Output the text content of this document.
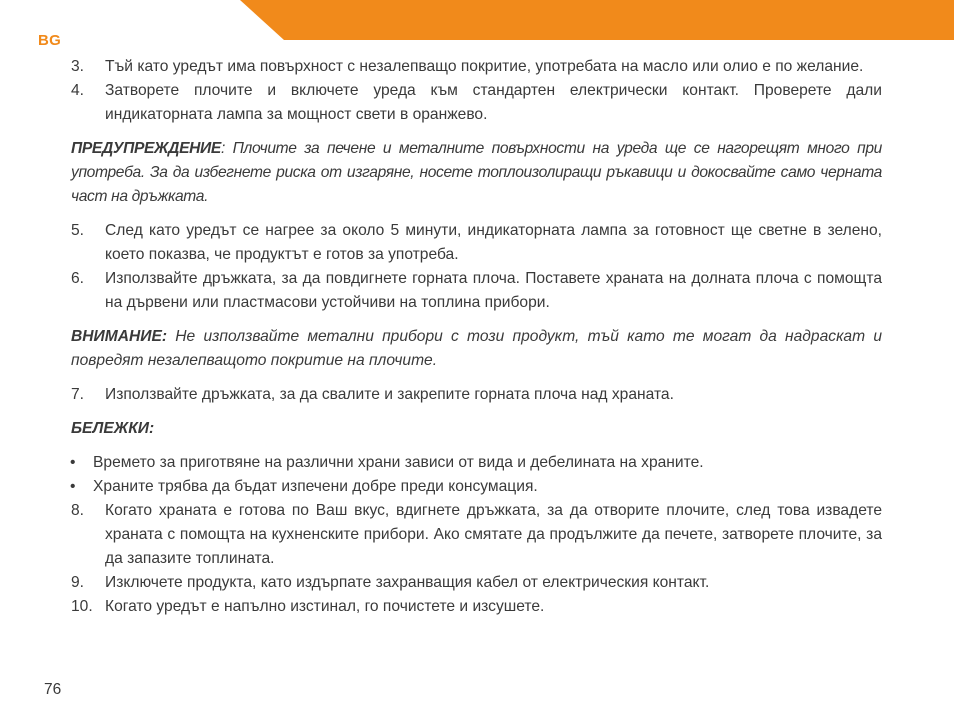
BG
3.	Тъй като уредът има повърхност с незалепващо покритие, употребата на масло или олио е по желание.
4.	Затворете плочите и включете уреда към стандартен електрически контакт. Проверете дали индикаторната лампа за мощност свети в оранжево.
ПРЕДУПРЕЖДЕНИЕ: Плочите за печене и металните повърхности на уреда ще се нагорещят много при употреба. За да избегнете риска от изгаряне, носете топлоизолиращи ръкавици и докосвайте само черната част на дръжката.
5.	След като уредът се нагрее за около 5 минути, индикаторната лампа за готовност ще светне в зелено, което показва, че продуктът е готов за употреба.
6.	Използвайте дръжката, за да повдигнете горната плоча. Поставете храната на долната плоча с помощта на дървени или пластмасови устойчиви на топлина прибори.
ВНИМАНИЕ: Не използвайте метални прибори с този продукт, тъй като те могат да надраскат и повредят незалепващото покритие на плочите.
7.	Използвайте дръжката, за да свалите и закрепите горната плоча над храната.
БЕЛЕЖКИ:
•	Времето за приготвяне на различни храни зависи от вида и дебелината на храните.
•	Храните трябва да бъдат изпечени добре преди консумация.
8.	Когато храната е готова по Ваш вкус, вдигнете дръжката, за да отворите плочите, след това извадете храната с помощта на кухненските прибори. Ако смятате да продължите да печете, затворете плочите, за да запазите топлината.
9.	Изключете продукта, като издърпате захранващия кабел от електрическия контакт.
10. Когато уредът е напълно изстинал, го почистете и изсушете.
76
